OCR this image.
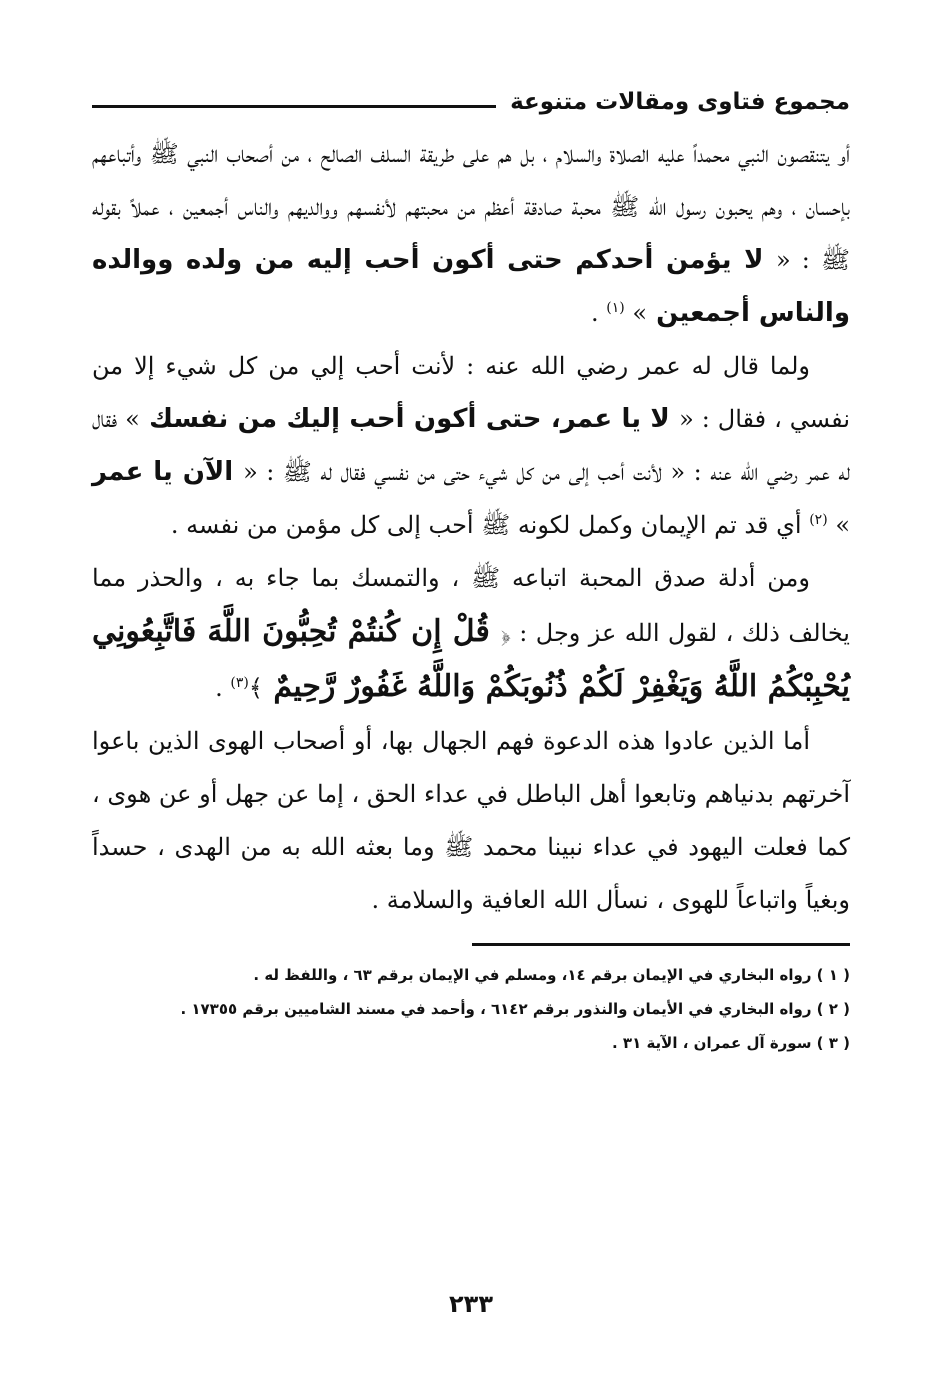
مجموع فتاوى ومقالات متنوعة

أو يتنقصون النبي محمداً عليه الصلاة والسلام ، بل هم على طريقة السلف الصالح ، من أصحاب النبي ﷺ وأتباعهم بإحسان ، وهم يحبون رسول الله ﷺ محبة صادقة أعظم من محبتهم لأنفسهم ووالديهم والناس أجمعين ، عملاً بقوله ﷺ : « لا يؤمن أحدكم حتى أكون أحب إليه من ولده ووالده والناس أجمعين » $^{(١)}$ .

ولما قال له عمر رضي الله عنه : لأنت أحب إلي من كل شيء إلا من نفسي ، فقال : « لا يا عمر، حتى أكون أحب إليك من نفسك » فقال له عمر رضي الله عنه : « لأنت أحب إلى من كل شيء حتى من نفسي فقال له ﷺ : « الآن يا عمر » $^{(٢)}$ أي قد تم الإيمان وكمل لكونه ﷺ أحب إلى كل مؤمن من نفسه .

ومن أدلة صدق المحبة اتباعه ﷺ ، والتمسك بما جاء به ، والحذر مما يخالف ذلك ، لقول الله عز وجل : ﴿ قُلْ إِن كُنتُمْ تُحِبُّونَ اللَّهَ فَاتَّبِعُونِي يُحْبِبْكُمُ اللَّهُ وَيَغْفِرْ لَكُمْ ذُنُوبَكُمْ وَاللَّهُ غَفُورٌ رَّحِيمٌ ﴾$^{(٣)}$ .

أما الذين عادوا هذه الدعوة فهم الجهال بها، أو أصحاب الهوى الذين باعوا آخرتهم بدنياهم وتابعوا أهل الباطل في عداء الحق ، إما عن جهل أو عن هوى ، كما فعلت اليهود في عداء نبينا محمد ﷺ وما بعثه الله به من الهدى ، حسداً وبغياً واتباعاً للهوى ، نسأل الله العافية والسلامة .

( ١ ) رواه البخاري في الإيمان برقم ١٤، ومسلم في الإيمان برقم ٦٣ ، واللفظ له .
( ٢ ) رواه البخاري في الأيمان والنذور برقم ٦١٤٢ ، وأحمد في مسند الشاميين برقم ١٧٣٥٥ .
( ٣ ) سورة آل عمران ، الآية ٣١ .
٢٣٣
